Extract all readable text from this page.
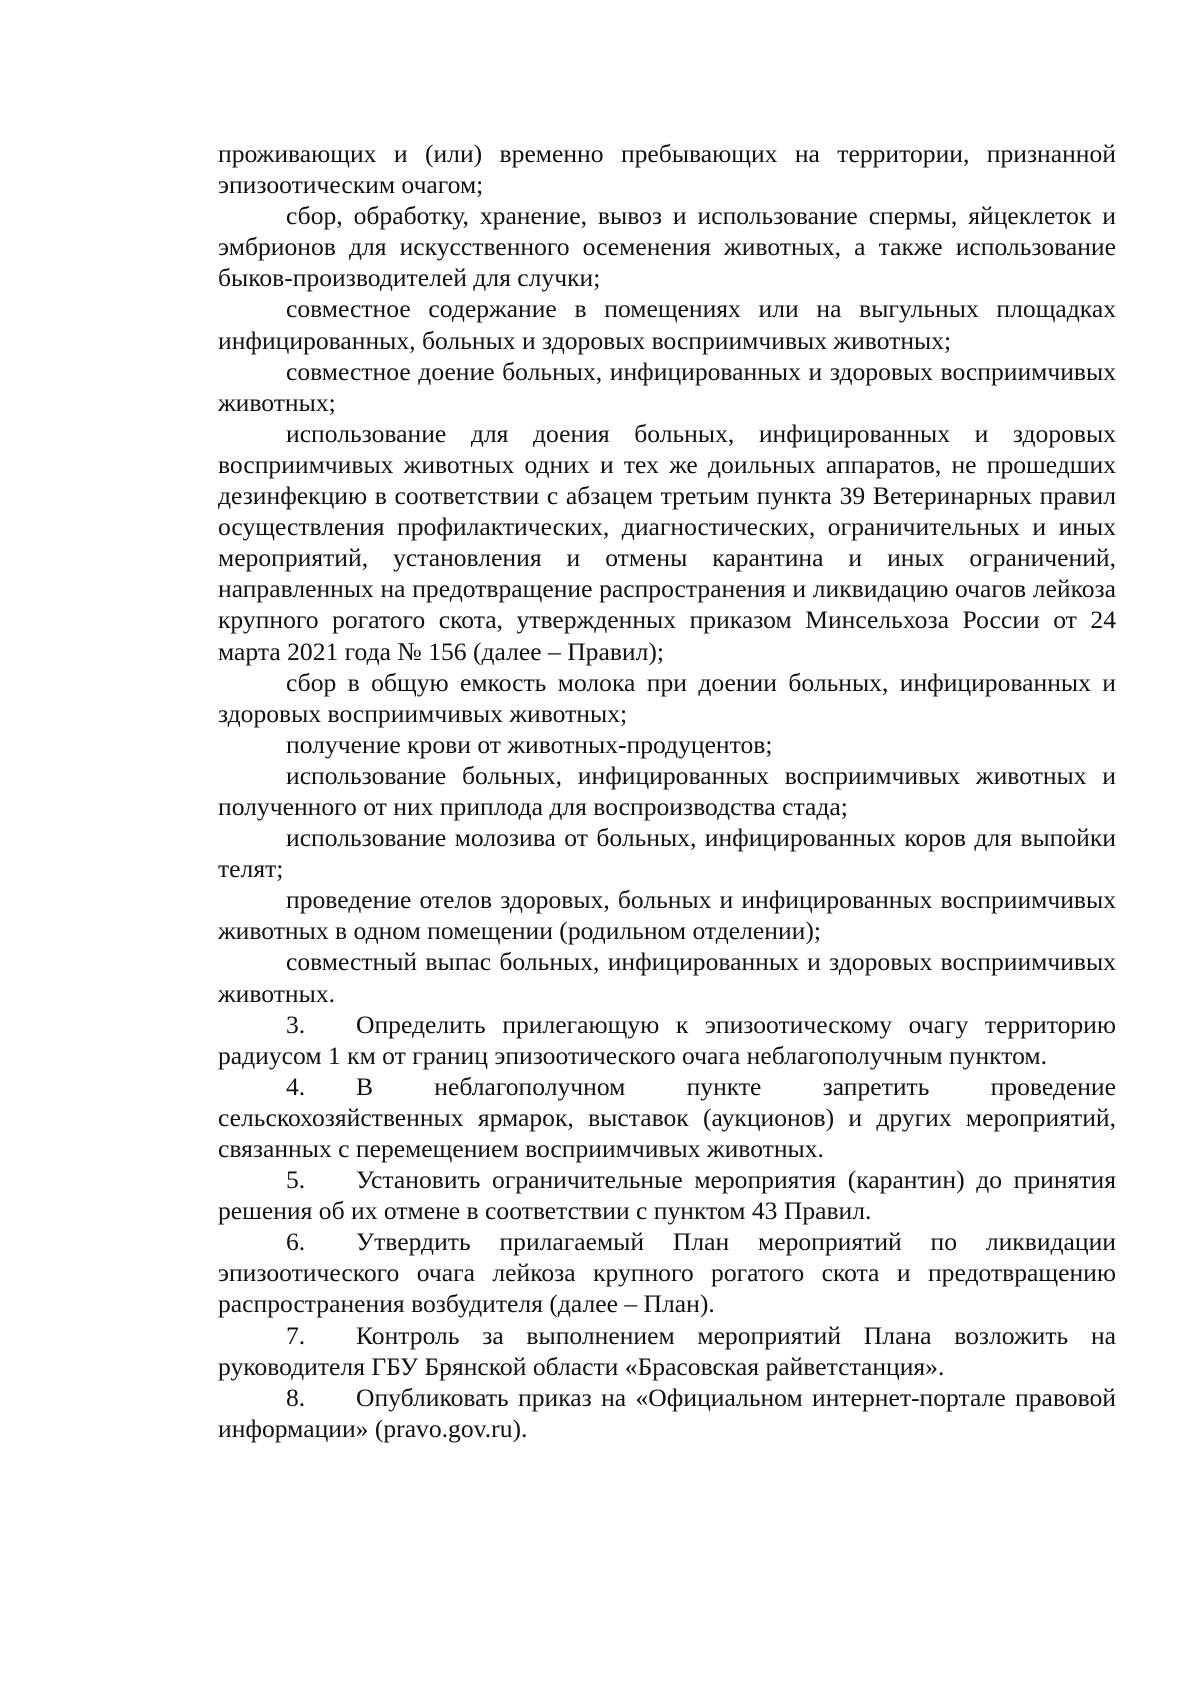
проживающих и (или) временно пребывающих на территории, признанной эпизоотическим очагом;

сбор, обработку, хранение, вывоз и использование спермы, яйцеклеток и эмбрионов для искусственного осеменения животных, а также использование быков-производителей для случки;

совместное содержание в помещениях или на выгульных площадках инфицированных, больных и здоровых восприимчивых животных;

совместное доение больных, инфицированных и здоровых восприимчивых животных;

использование для доения больных, инфицированных и здоровых восприимчивых животных одних и тех же доильных аппаратов, не прошедших дезинфекцию в соответствии с абзацем третьим пункта 39 Ветеринарных правил осуществления профилактических, диагностических, ограничительных и иных мероприятий, установления и отмены карантина и иных ограничений, направленных на предотвращение распространения и ликвидацию очагов лейкоза крупного рогатого скота, утвержденных приказом Минсельхоза России от 24 марта 2021 года № 156 (далее – Правил);

сбор в общую емкость молока при доении больных, инфицированных и здоровых восприимчивых животных;

получение крови от животных-продуцентов;

использование больных, инфицированных восприимчивых животных и полученного от них приплода для воспроизводства стада;

использование молозива от больных, инфицированных коров для выпойки телят;

проведение отелов здоровых, больных и инфицированных восприимчивых животных в одном помещении (родильном отделении);

совместный выпас больных, инфицированных и здоровых восприимчивых животных.

3. Определить прилегающую к эпизоотическому очагу территорию радиусом 1 км от границ эпизоотического очага неблагополучным пунктом.

4. В неблагополучном пункте запретить проведение сельскохозяйственных ярмарок, выставок (аукционов) и других мероприятий, связанных с перемещением восприимчивых животных.

5. Установить ограничительные мероприятия (карантин) до принятия решения об их отмене в соответствии с пунктом 43 Правил.

6. Утвердить прилагаемый План мероприятий по ликвидации эпизоотического очага лейкоза крупного рогатого скота и предотвращению распространения возбудителя (далее – План).

7. Контроль за выполнением мероприятий Плана возложить на руководителя ГБУ Брянской области «Брасовская райветстанция».

8. Опубликовать приказ на «Официальном интернет-портале правовой информации» (pravo.gov.ru).
